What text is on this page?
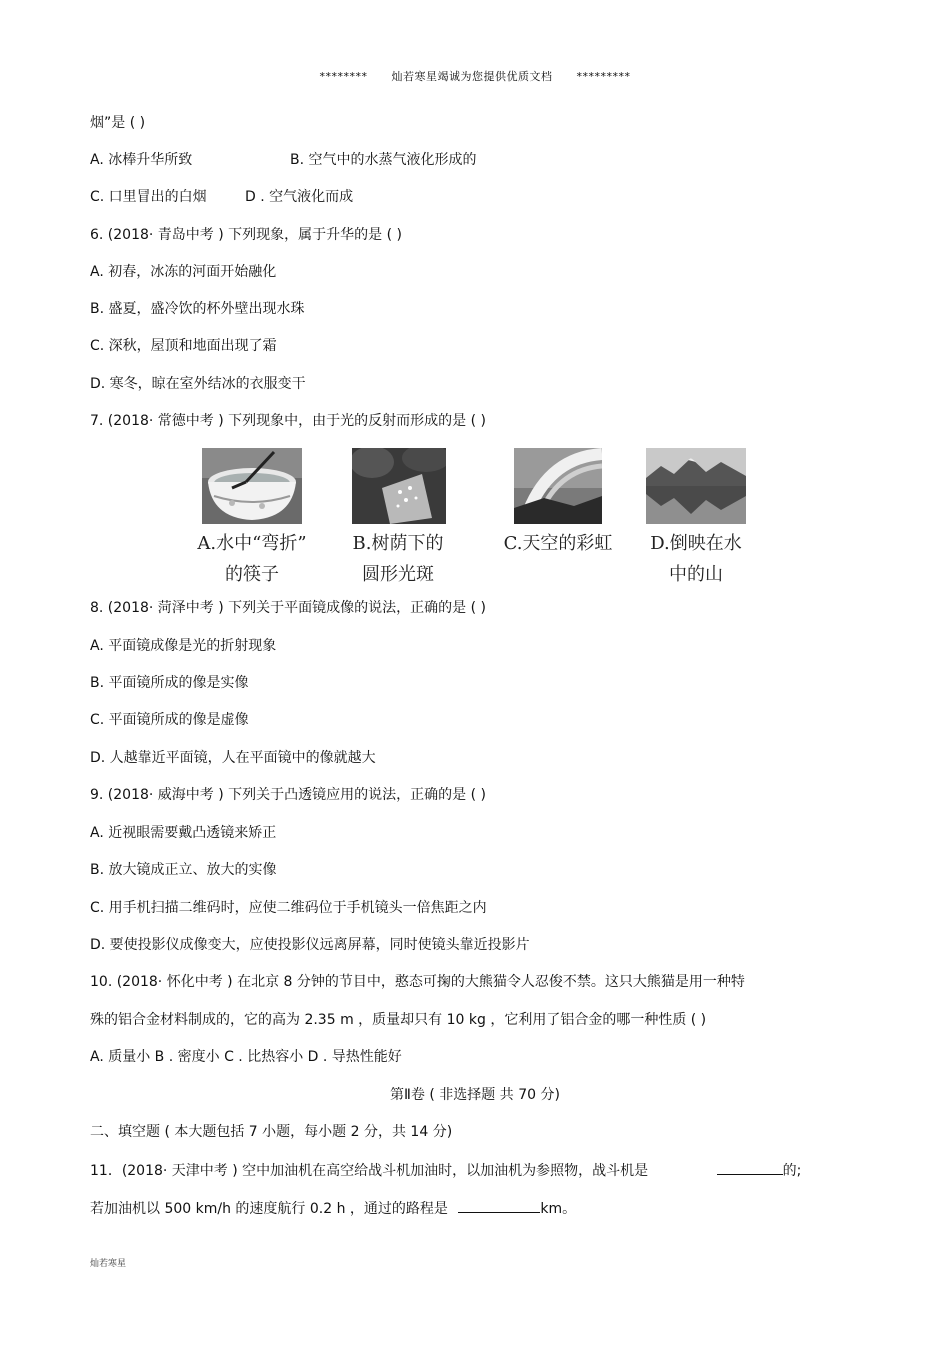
******** 灿若寒星竭诚为您提供优质文档 *********
烟”是 ( )
A. 冰棒升华所致	B. 空气中的水蒸气液化形成的
C. 口里冒出的白烟	D . 空气液化而成
6. (2018· 青岛中考 ) 下列现象，属于升华的是 ( )
A. 初春，冰冻的河面开始融化
B. 盛夏，盛冷饮的杯外壁出现水珠
C. 深秋，屋顶和地面出现了霜
D. 寒冬，晾在室外结冰的衣服变干
7. (2018· 常德中考 ) 下列现象中，由于光的反射而形成的是 ( )
A.水中“弯折”
的筷子
B.树荫下的
圆形光斑
C.天空的彩虹	D.倒映在水
中的山
8. (2018· 菏泽中考 ) 下列关于平面镜成像的说法，正确的是 ( )
A. 平面镜成像是光的折射现象
B. 平面镜所成的像是实像
C. 平面镜所成的像是虚像
D. 人越靠近平面镜，人在平面镜中的像就越大
9. (2018· 威海中考 ) 下列关于凸透镜应用的说法，正确的是 ( )
A. 近视眼需要戴凸透镜来矫正
B. 放大镜成正立、放大的实像
C. 用手机扫描二维码时，应使二维码位于手机镜头一倍焦距之内
D. 要使投影仪成像变大，应使投影仪远离屏幕，同时使镜头靠近投影片
10. (2018· 怀化中考 ) 在北京 8 分钟的节目中，憨态可掬的大熊猫令人忍俊不禁。这只大熊猫是用一种特
殊的铝合金材料制成的，它的高为 2.35 m ，质量却只有 10 kg ，它利用了铝合金的哪一种性质 ( )
A. 质量小 B . 密度小 C . 比热容小 D . 导热性能好
第Ⅱ卷 ( 非选择题 共 70 分)
二、填空题 ( 本大题包括 7 小题，每小题 2 分，共 14 分)
11．(2018· 天津中考 ) 空中加油机在高空给战斗机加油时，以加油机为参照物，战斗机是	的;
若加油机以 500 km/h 的速度航行 0.2 h ，通过的路程是	km。
灿若寒星
